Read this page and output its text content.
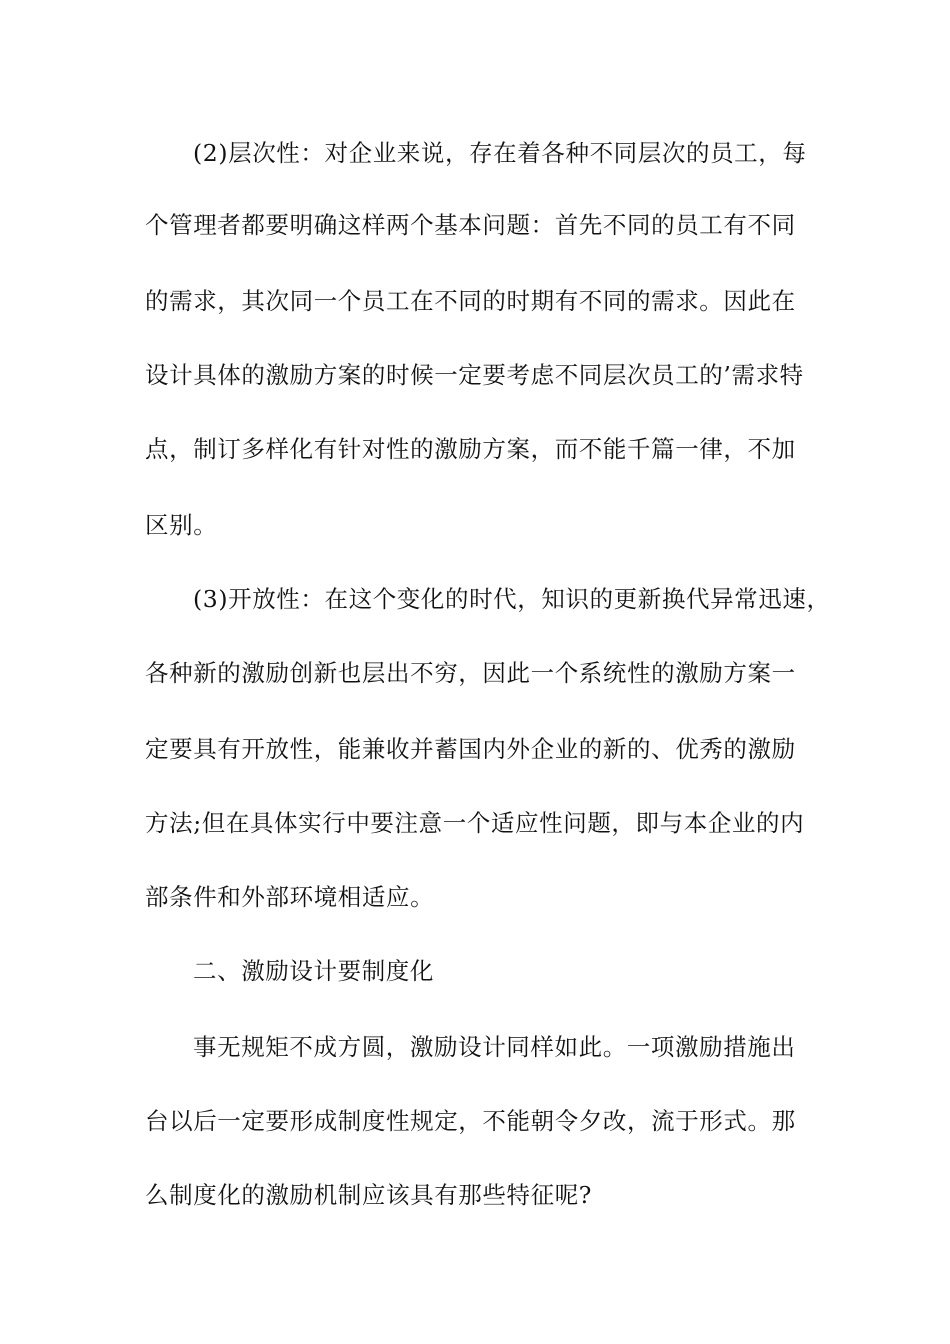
(2)层次性：对企业来说，存在着各种不同层次的员工，每
个管理者都要明确这样两个基本问题：首先不同的员工有不同
的需求，其次同一个员工在不同的时期有不同的需求。因此在
设计具体的激励方案的时候一定要考虑不同层次员工的’需求特
点，制订多样化有针对性的激励方案，而不能千篇一律，不加
区别。
(3)开放性：在这个变化的时代，知识的更新换代异常迅速，
各种新的激励创新也层出不穷，因此一个系统性的激励方案一
定要具有开放性，能兼收并蓄国内外企业的新的、优秀的激励
方法;但在具体实行中要注意一个适应性问题，即与本企业的内
部条件和外部环境相适应。
二、激励设计要制度化
事无规矩不成方圆，激励设计同样如此。一项激励措施出
台以后一定要形成制度性规定，不能朝令夕改，流于形式。那
么制度化的激励机制应该具有那些特征呢?
